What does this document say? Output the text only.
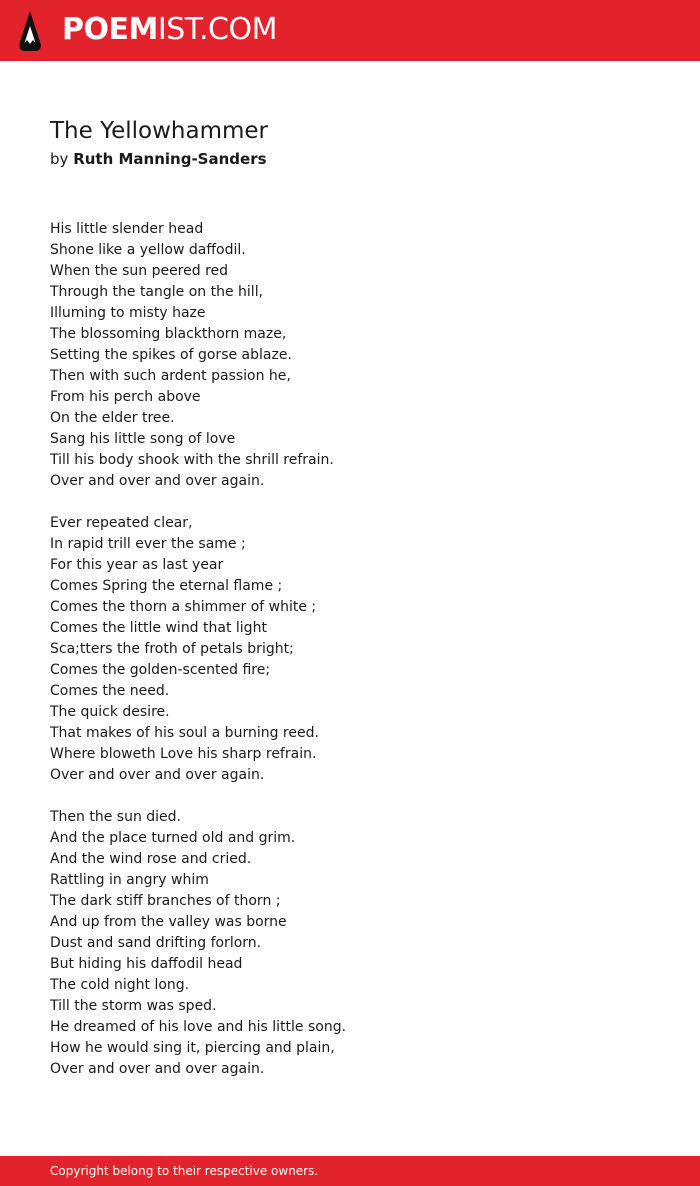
POEMIST.COM
The Yellowhammer
by Ruth Manning-Sanders
His little slender head
Shone like a yellow daffodil.
When the sun peered red
Through the tangle on the hill,
Illuming to misty haze
The blossoming blackthorn maze,
Setting the spikes of gorse ablaze.
Then with such ardent passion he,
From his perch above
On the elder tree.
Sang his little song of love
Till his body shook with the shrill refrain.
Over and over and over again.
Ever repeated clear,
In rapid trill ever the same ;
For this year as last year
Comes Spring the eternal flame ;
Comes the thorn a shimmer of white ;
Comes the little wind that light
Sca;tters the froth of petals bright;
Comes the golden-scented fire;
Comes the need.
The quick desire.
That makes of his soul a burning reed.
Where bloweth Love his sharp refrain.
Over and over and over again.
Then the sun died.
And the place turned old and grim.
And the wind rose and cried.
Rattling in angry whim
The dark stiff branches of thorn ;
And up from the valley was borne
Dust and sand drifting forlorn.
But hiding his daffodil head
The cold night long.
Till the storm was sped.
He dreamed of his love and his little song.
How he would sing it, piercing and plain,
Over and over and over again.
Copyright belong to their respective owners.
